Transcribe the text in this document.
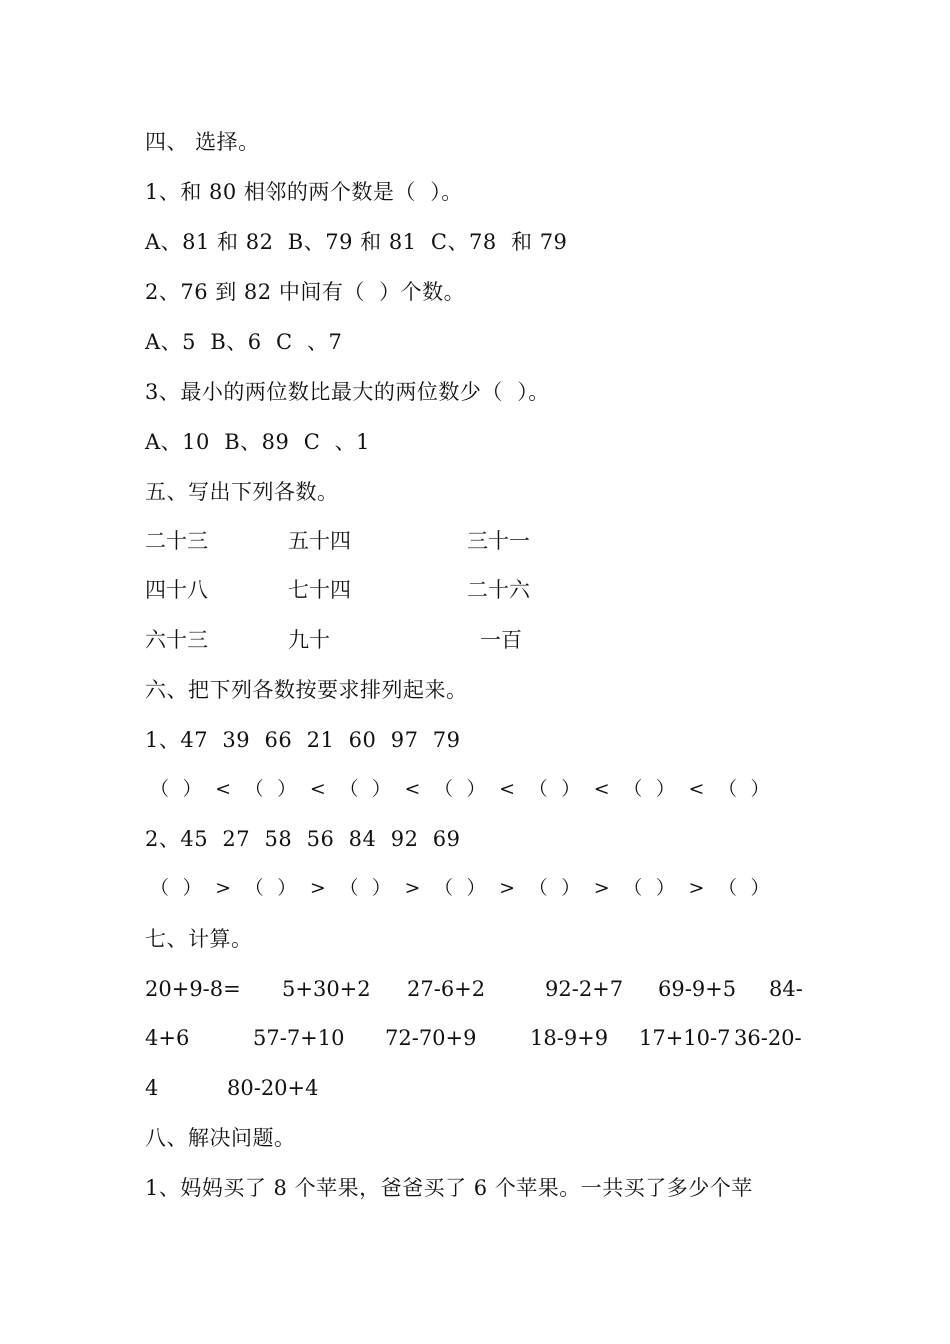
四、 选择。
1、和 80 相邻的两个数是（  ）。
A、81 和 82  B、79 和 81  C、78  和 79
2、76 到 82 中间有（  ）个数。
A、5  B、6  C  、7
3、最小的两位数比最大的两位数少（  ）。
A、10  B、89  C  、1
五、写出下列各数。
二十三	五十四	三十一
四十八	七十四	二十六
六十三	九十	一百
六、把下列各数按要求排列起来。
1、47  39  66  21  60  97  79
（  ）  <  （  ）  <  （  ）  <  （  ）  <  （  ）  <  （  ）  <  （  ）
2、45  27  58  56  84  92  69
（  ）  >  （  ）  >  （  ）  >  （  ）  >  （  ）  >  （  ）  >  （  ）
七、计算。
20+9-8= 5+30+2 27-6+2	92-2+7 69-9+5 84-
4+6	57-7+10 72-70+9	18-9+9 17+10-7 36-20-
4	80-20+4
八、解决问题。
1、妈妈买了 8 个苹果，爸爸买了 6 个苹果。一共买了多少个苹
